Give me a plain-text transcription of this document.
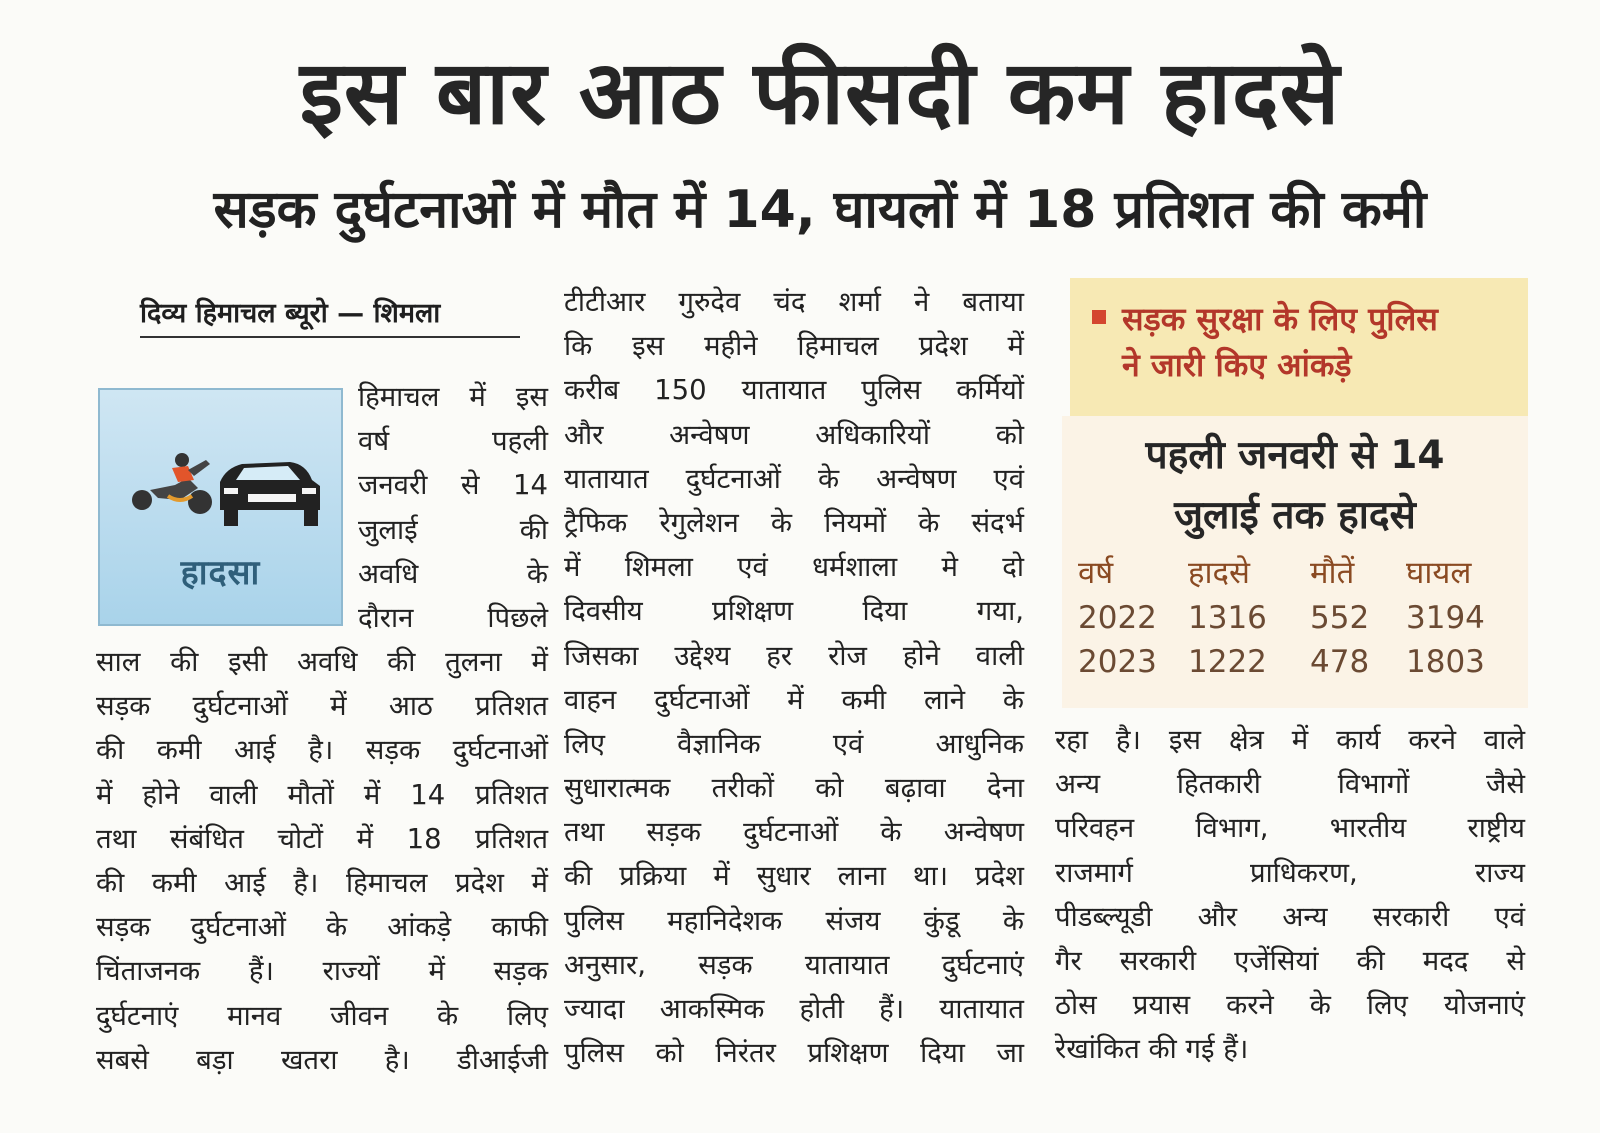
इस बार आठ फीसदी कम हादसे
सड़क दुर्घटनाओं में मौत में 14, घायलों में 18 प्रतिशत की कमी
दिव्य हिमाचल ब्यूरो — शिमला
हादसा
हिमाचल में इस
वर्ष पहली
जनवरी से 14
जुलाई की
अवधि के
दौरान पिछले
साल की इसी अवधि की तुलना में
सड़क दुर्घटनाओं में आठ प्रतिशत
की कमी आई है। सड़क दुर्घटनाओं
में होने वाली मौतों में 14 प्रतिशत
तथा संबंधित चोटों में 18 प्रतिशत
की कमी आई है। हिमाचल प्रदेश में
सड़क दुर्घटनाओं के आंकड़े काफी
चिंताजनक हैं। राज्यों में सड़क
दुर्घटनाएं मानव जीवन के लिए
सबसे बड़ा खतरा है। डीआईजी
टीटीआर गुरुदेव चंद शर्मा ने बताया
कि इस महीने हिमाचल प्रदेश में
करीब 150 यातायात पुलिस कर्मियों
और अन्वेषण अधिकारियों को
यातायात दुर्घटनाओं के अन्वेषण एवं
ट्रैफिक रेगुलेशन के नियमों के संदर्भ
में शिमला एवं धर्मशाला मे दो
दिवसीय प्रशिक्षण दिया गया,
जिसका उद्देश्य हर रोज होने वाली
वाहन दुर्घटनाओं में कमी लाने के
लिए वैज्ञानिक एवं आधुनिक
सुधारात्मक तरीकों को बढ़ावा देना
तथा सड़क दुर्घटनाओं के अन्वेषण
की प्रक्रिया में सुधार लाना था। प्रदेश
पुलिस महानिदेशक संजय कुंडू के
अनुसार, सड़क यातायात दुर्घटनाएं
ज्यादा आकस्मिक होती हैं। यातायात
पुलिस को निरंतर प्रशिक्षण दिया जा
सड़क सुरक्षा के लिए पुलिस
ने जारी किए आंकड़े
पहली जनवरी से 14
जुलाई तक हादसे
वर्ष	हादसे	मौतें	घायल
2022	1316	552	3194
2023	1222	478	1803
रहा है। इस क्षेत्र में कार्य करने वाले
अन्य हितकारी विभागों जैसे
परिवहन विभाग, भारतीय राष्ट्रीय
राजमार्ग प्राधिकरण, राज्य
पीडब्ल्यूडी और अन्य सरकारी एवं
गैर सरकारी एजेंसियां की मदद से
ठोस प्रयास करने के लिए योजनाएं
रेखांकित की गई हैं।
